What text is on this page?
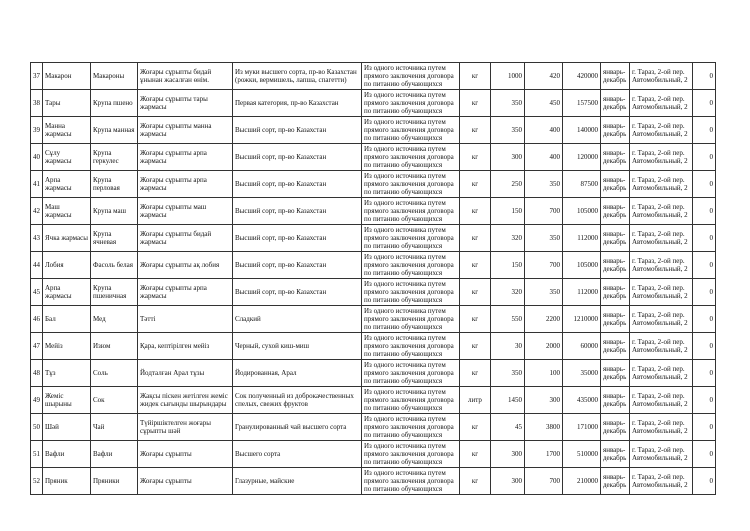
37	Макарон	Макароны	Жоғары сұрыпты бидай ұнынан жасалған өнім.	Из муки высшего сорта, пр-во Казахстан (рожки, вермишель, лапша, спагетти)	Из одного источника путем прямого заключения договора по питанию обучающихся	кг	1000	420	420000	январь-декабрь	г. Тараз, 2-ой пер. Автомобильный, 2	0
38	Тары	Крупа пшено	Жоғары сұрыпты тары жармасы	Первая категория, пр-во Казахстан	Из одного источника путем прямого заключения договора по питанию обучающихся	кг	350	450	157500	январь-декабрь	г. Тараз, 2-ой пер. Автомобильный, 2	0
39	Манна жармасы	Крупа манная	Жоғары сұрыпты манна жармасы	Высший сорт, пр-во Казахстан	Из одного источника путем прямого заключения договора по питанию обучающихся	кг	350	400	140000	январь-декабрь	г. Тараз, 2-ой пер. Автомобильный, 2	0
40	Сұлу жармасы	Крупа геркулес	Жоғары сұрыпты арпа жармасы	Высший сорт, пр-во Казахстан	Из одного источника путем прямого заключения договора по питанию обучающихся	кг	300	400	120000	январь-декабрь	г. Тараз, 2-ой пер. Автомобильный, 2	0
41	Арпа жармасы	Крупа перловая	Жоғары сұрыпты арпа жармасы	Высший сорт, пр-во Казахстан	Из одного источника путем прямого заключения договора по питанию обучающихся	кг	250	350	87500	январь-декабрь	г. Тараз, 2-ой пер. Автомобильный, 2	0
42	Маш жармасы	Крупа маш	Жоғары сұрыпты маш жармасы	Высший сорт, пр-во Казахстан	Из одного источника путем прямого заключения договора по питанию обучающихся	кг	150	700	105000	январь-декабрь	г. Тараз, 2-ой пер. Автомобильный, 2	0
43	Ячка жармасы	Крупа ячневая	Жоғары сұрыпты бидай жармасы	Высший сорт, пр-во Казахстан	Из одного источника путем прямого заключения договора по питанию обучающихся	кг	320	350	112000	январь-декабрь	г. Тараз, 2-ой пер. Автомобильный, 2	0
44	Лобия	Фасоль белая	Жоғары сұрыпты ақ лобия	Высший сорт, пр-во Казахстан	Из одного источника путем прямого заключения договора по питанию обучающихся	кг	150	700	105000	январь-декабрь	г. Тараз, 2-ой пер. Автомобильный, 2	0
45	Арпа жармасы	Крупа пшеничная	Жоғары сұрыпты арпа жармасы	Высший сорт, пр-во Казахстан	Из одного источника путем прямого заключения договора по питанию обучающихся	кг	320	350	112000	январь-декабрь	г. Тараз, 2-ой пер. Автомобильный, 2	0
46	Бал	Мед	Тәтті	Сладкий	Из одного источника путем прямого заключения договора по питанию обучающихся	кг	550	2200	1210000	январь-декабрь	г. Тараз, 2-ой пер. Автомобильный, 2	0
47	Мейіз	Изюм	Қара, кептірілген мейіз	Черный, сухой киш-миш	Из одного источника путем прямого заключения договора по питанию обучающихся	кг	30	2000	60000	январь-декабрь	г. Тараз, 2-ой пер. Автомобильный, 2	0
48	Тұз	Соль	Йодталған Арал тұзы	Йодированная, Арал	Из одного источника путем прямого заключения договора по питанию обучающихся	кг	350	100	35000	январь-декабрь	г. Тараз, 2-ой пер. Автомобильный, 2	0
49	Жеміс шырыны	Сок	Жақсы піскен жетілген жеміс жидек сығынды шырындары	Сок полученный из доброкачественных спелых, свежих фруктов	Из одного источника путем прямого заключения договора по питанию обучающихся	литр	1450	300	435000	январь-декабрь	г. Тараз, 2-ой пер. Автомобильный, 2	0
50	Шәй	Чай	Түйіршіктелген жоғары сұрыпты шәй	Гранулированный чай высшего сорта	Из одного источника путем прямого заключения договора по питанию обучающихся	кг	45	3800	171000	январь-декабрь	г. Тараз, 2-ой пер. Автомобильный, 2	0
51	Вафли	Вафли	Жоғары сұрыпты	Высшего сорта	Из одного источника путем прямого заключения договора по питанию обучающихся	кг	300	1700	510000	январь-декабрь	г. Тараз, 2-ой пер. Автомобильный, 2	0
52	Пряник	Пряники	Жоғары сұрыпты	Глазурные, майские	Из одного источника путем прямого заключения договора по питанию обучающихся	кг	300	700	210000	январь-декабрь	г. Тараз, 2-ой пер. Автомобильный, 2	0
